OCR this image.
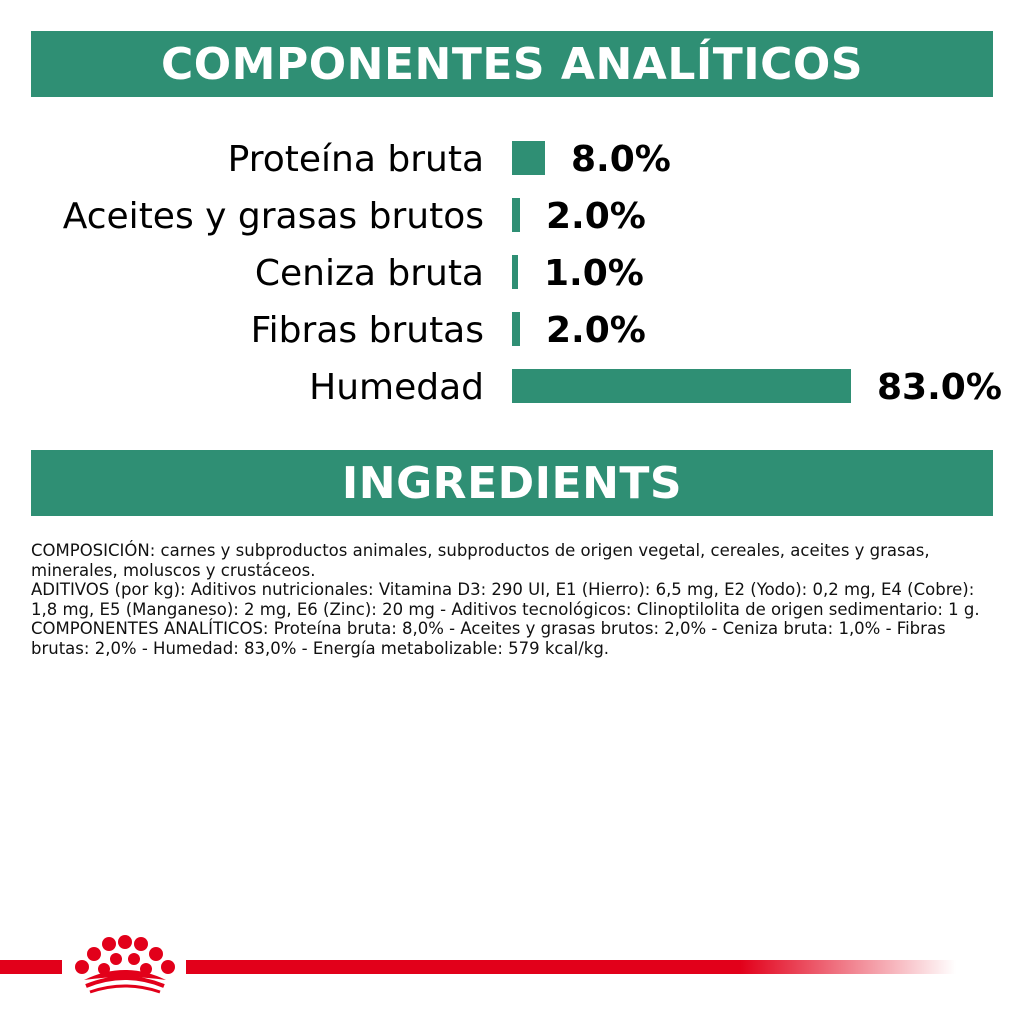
COMPONENTES ANALÍTICOS
Proteína bruta 8.0%
Aceites y grasas brutos 2.0%
Ceniza bruta 1.0%
Fibras brutas 2.0%
Humedad	83.0%
INGREDIENTS

COMPOSICIÓN: carnes y subproductos animales, subproductos de origen vegetal, cereales, aceites y grasas, minerales, moluscos y crustáceos.

ADITIVOS (por kg): Aditivos nutricionales: Vitamina D3: 290 UI, E1 (Hierro): 6,5 mg, E2 (Yodo): 0,2 mg, E4 (Cobre): 1,8 mg, E5 (Manganeso): 2 mg, E6 (Zinc): 20 mg - Aditivos tecnológicos: Clinoptilolita de origen sedimentario: 1 g.

COMPONENTES ANALÍTICOS: Proteína bruta: 8,0% - Aceites y grasas brutos: 2,0% - Ceniza bruta: 1,0% - Fibras brutas: 2,0% - Humedad: 83,0% - Energía metabolizable: 579 kcal/kg.
